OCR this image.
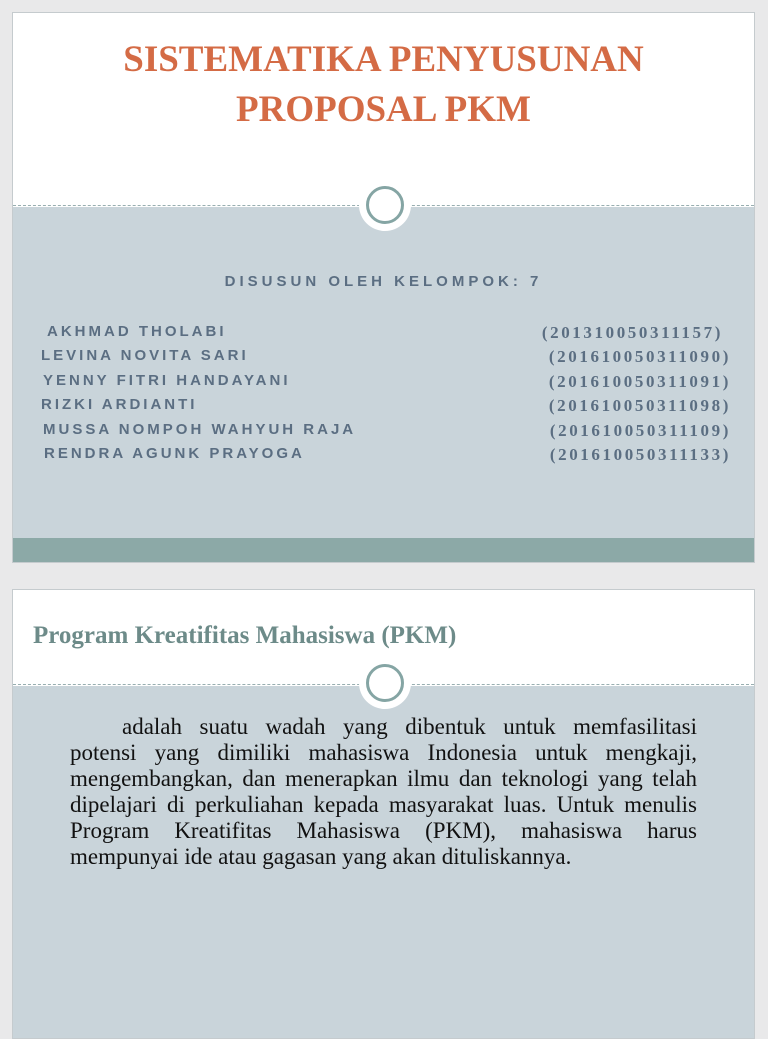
SISTEMATIKA PENYUSUNAN
PROPOSAL PKM
DISUSUN OLEH KELOMPOK: 7
AKHMAD THOLABI	(201310050311157)
LEVINA NOVITA SARI	(201610050311090)
YENNY FITRI HANDAYANI	(201610050311091)
RIZKI ARDIANTI	(201610050311098)
MUSSA NOMPOH WAHYUH RAJA	(201610050311109)
RENDRA AGUNK PRAYOGA	(201610050311133)
Program Kreatifitas Mahasiswa (PKM)

adalah suatu wadah yang dibentuk untuk memfasilitasi potensi yang dimiliki mahasiswa Indonesia untuk mengkaji, mengembangkan, dan menerapkan ilmu dan teknologi yang telah dipelajari di perkuliahan kepada masyarakat luas. Untuk menulis Program Kreatifitas Mahasiswa (PKM), mahasiswa harus mempunyai ide atau gagasan yang akan dituliskannya.
